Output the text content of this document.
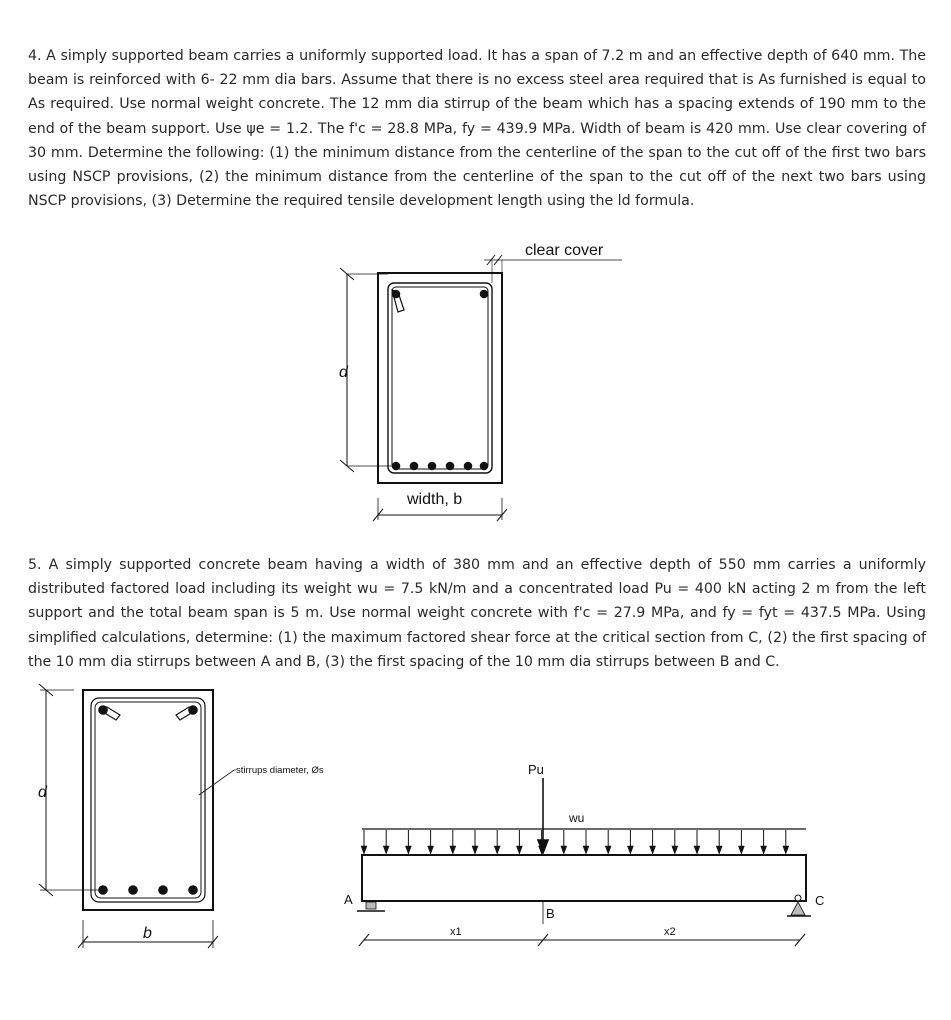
4. A simply supported beam carries a uniformly supported load. It has a span of 7.2 m and an effective depth of 640 mm. The beam is reinforced with 6- 22 mm dia bars. Assume that there is no excess steel area required that is As furnished is equal to As required. Use normal weight concrete. The 12 mm dia stirrup of the beam which has a spacing extends of 190 mm to the end of the beam support. Use ψe = 1.2. The f'c = 28.8 MPa, fy = 439.9 MPa. Width of beam is 420 mm. Use clear covering of 30 mm. Determine the following: (1) the minimum distance from the centerline of the span to the cut off of the first two bars using NSCP provisions, (2) the minimum distance from the centerline of the span to the cut off of the next two bars using NSCP provisions, (3) Determine the required tensile development length using the ld formula.
clear cover
d
width, b
d
b
stirrups diameter, Øs	Pu
wu
A
B
C
x1	x2
5. A simply supported concrete beam having a width of 380 mm and an effective depth of 550 mm carries a uniformly distributed factored load including its weight wu = 7.5 kN/m and a concentrated load Pu = 400 kN acting 2 m from the left support and the total beam span is 5 m. Use normal weight concrete with f'c = 27.9 MPa, and fy = fyt = 437.5 MPa. Using simplified calculations, determine: (1) the maximum factored shear force at the critical section from C, (2) the first spacing of the 10 mm dia stirrups between A and B, (3) the first spacing of the 10 mm dia stirrups between B and C.
